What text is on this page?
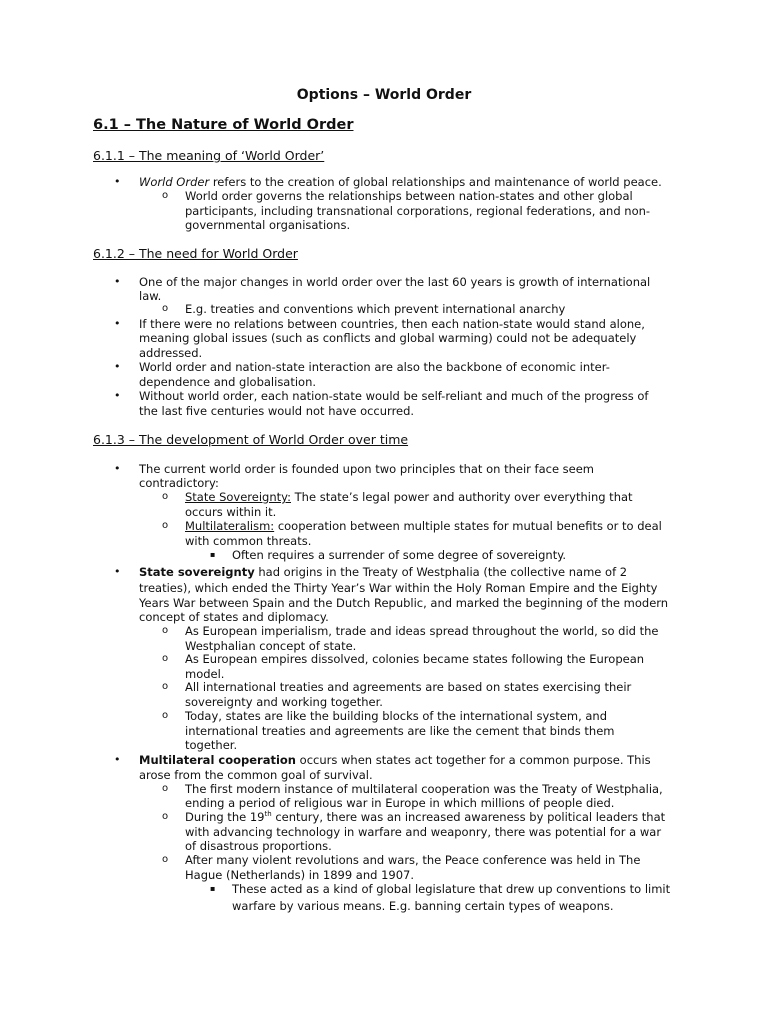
Options – World Order
6.1 – The Nature of World Order
6.1.1 – The meaning of ‘World Order’
• World Order refers to the creation of global relationships and maintenance of world peace.
o World order governs the relationships between nation-states and other global
participants, including transnational corporations, regional federations, and non-
governmental organisations.
6.1.2 – The need for World Order
• One of the major changes in world order over the last 60 years is growth of international
law.
o E.g. treaties and conventions which prevent international anarchy
• If there were no relations between countries, then each nation-state would stand alone,
meaning global issues (such as conflicts and global warming) could not be adequately
addressed.
• World order and nation-state interaction are also the backbone of economic inter-
dependence and globalisation.
• Without world order, each nation-state would be self-reliant and much of the progress of
the last five centuries would not have occurred.
6.1.3 – The development of World Order over time
• The current world order is founded upon two principles that on their face seem
contradictory:
o State Sovereignty: The state’s legal power and authority over everything that
occurs within it.
o Multilateralism: cooperation between multiple states for mutual benefits or to deal
with common threats.
▪ Often requires a surrender of some degree of sovereignty.
• State sovereignty had origins in the Treaty of Westphalia (the collective name of 2
treaties), which ended the Thirty Year’s War within the Holy Roman Empire and the Eighty
Years War between Spain and the Dutch Republic, and marked the beginning of the modern
concept of states and diplomacy.
o As European imperialism, trade and ideas spread throughout the world, so did the
Westphalian concept of state.
o As European empires dissolved, colonies became states following the European
model.
o All international treaties and agreements are based on states exercising their
sovereignty and working together.
o Today, states are like the building blocks of the international system, and
international treaties and agreements are like the cement that binds them
together.
• Multilateral cooperation occurs when states act together for a common purpose. This
arose from the common goal of survival.
o The first modern instance of multilateral cooperation was the Treaty of Westphalia,
ending a period of religious war in Europe in which millions of people died.
o During the 19th century, there was an increased awareness by political leaders that
with advancing technology in warfare and weaponry, there was potential for a war
of disastrous proportions.
o After many violent revolutions and wars, the Peace conference was held in The
Hague (Netherlands) in 1899 and 1907.
▪ These acted as a kind of global legislature that drew up conventions to limit
warfare by various means. E.g. banning certain types of weapons.
